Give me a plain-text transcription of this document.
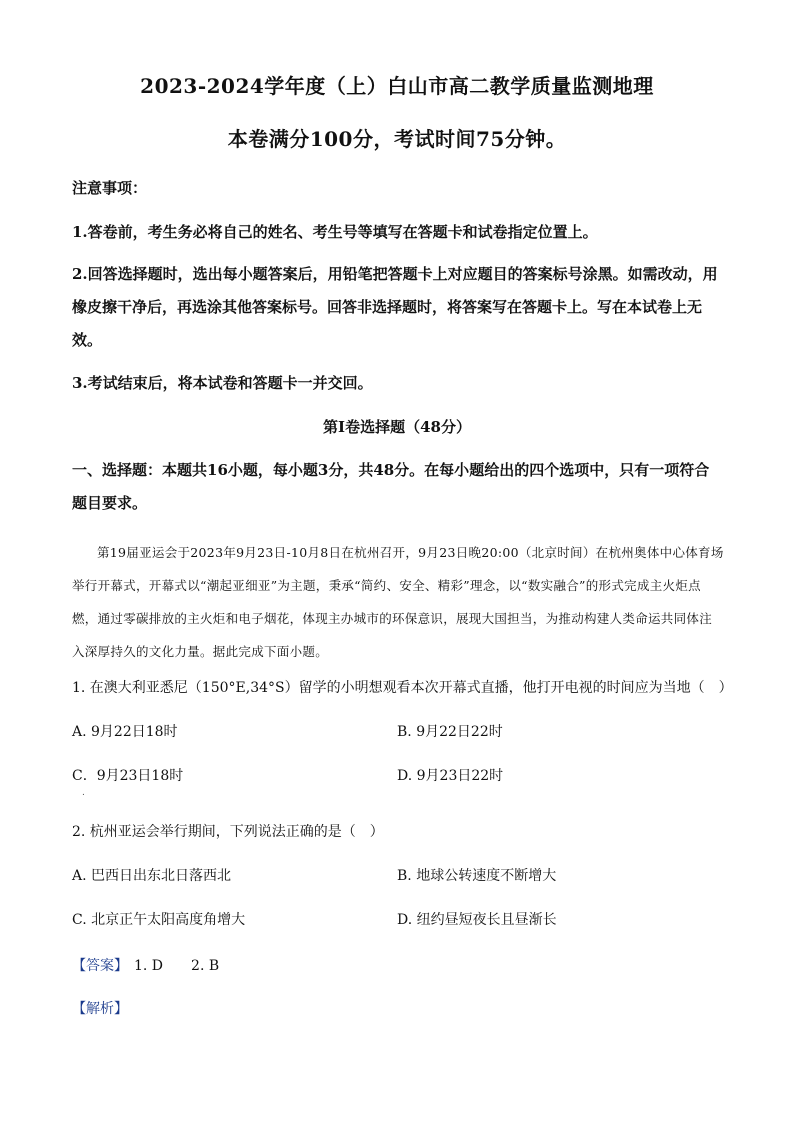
2023-2024学年度（上）白山市高二教学质量监测地理
本卷满分100分，考试时间75分钟。
注意事项：
1.答卷前，考生务必将自己的姓名、考生号等填写在答题卡和试卷指定位置上。
2.回答选择题时，选出每小题答案后，用铅笔把答题卡上对应题目的答案标号涂黑。如需改动，用橡皮擦干净后，再选涂其他答案标号。回答非选择题时，将答案写在答题卡上。写在本试卷上无效。
3.考试结束后，将本试卷和答题卡一并交回。
第Ⅰ卷选择题（48分）
一、选择题：本题共16小题，每小题3分，共48分。在每小题给出的四个选项中，只有一项符合题目要求。
第19届亚运会于2023年9月23日-10月8日在杭州召开，9月23日晚20:00（北京时间）在杭州奥体中心体育场举行开幕式，开幕式以“潮起亚细亚”为主题，秉承“简约、安全、精彩”理念，以“数实融合”的形式完成主火炬点燃，通过零碳排放的主火炬和电子烟花，体现主办城市的环保意识，展现大国担当，为推动构建人类命运共同体注入深厚持久的文化力量。据此完成下面小题。
1. 在澳大利亚悉尼（150°E,34°S）留学的小明想观看本次开幕式直播，他打开电视的时间应为当地（　）
A. 9月22日18时	B. 9月22日22时
C．9月23日18时	D. 9月23日22时
.
2. 杭州亚运会举行期间，下列说法正确的是（　）
A. 巴西日出东北日落西北	B. 地球公转速度不断增大
C. 北京正午太阳高度角增大	D. 纽约昼短夜长且昼渐长
【答案】 1. D　　2. B
【解析】
